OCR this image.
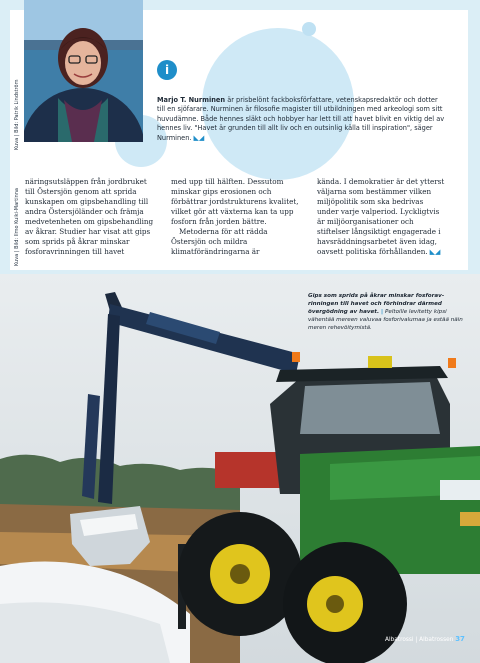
Kuva | Bild: Patrik Lindström
i
Marjo T. Nurminen är prisbelönt fackboksförfattare, vetenskapsredaktör och dotter till en sjöfarare. Nurminen är filosofie magister till utbildningen med arkeologi som sitt huvudämne. Både hennes släkt och hobbyer har lett till att havet blivit en viktig del av hennes liv. "Havet är grunden till allt liv och en outsinlig källa till inspiration", säger Nurminen. ◣◢
Kuva | Bild: Ilmo Kuiki-Martinna

näringsutsläppen från jordbruket till Östersjön genom att sprida kunskapen om gipsbehandling till andra Östersjöländer och främja medvetenheten om gipsbehandling av åkrar. Studier har visat att gips som sprids på åkrar minskar fosforavrinningen till havet

med upp till hälften. Dessutom minskar gips erosionen och förbättrar jordstrukturens kvalitet, vilket gör att växterna kan ta upp fosforn från jorden bättre.

Metoderna för att rädda Östersjön och mildra klimatförändringarna är

kända. I demokratier är det ytterst väljarna som bestämmer vilken miljöpolitik som ska bedrivas under varje valperiod. Lyckligtvis är miljöorganisationer och stiftelser långsiktigt engagerade i havsräddningsarbetet även idag, oavsett politiska förhållanden. ◣◢

Gips som sprids på åkrar minskar fosforavrinningen till havet och förhindrar därmed övergödning av havet. | Peltoille levitetty kipsi vähentää mereen valuvaa fosforivalumaa ja estää näin meren rehevöitymistä.
Albatrossi | Albatrossen 37
